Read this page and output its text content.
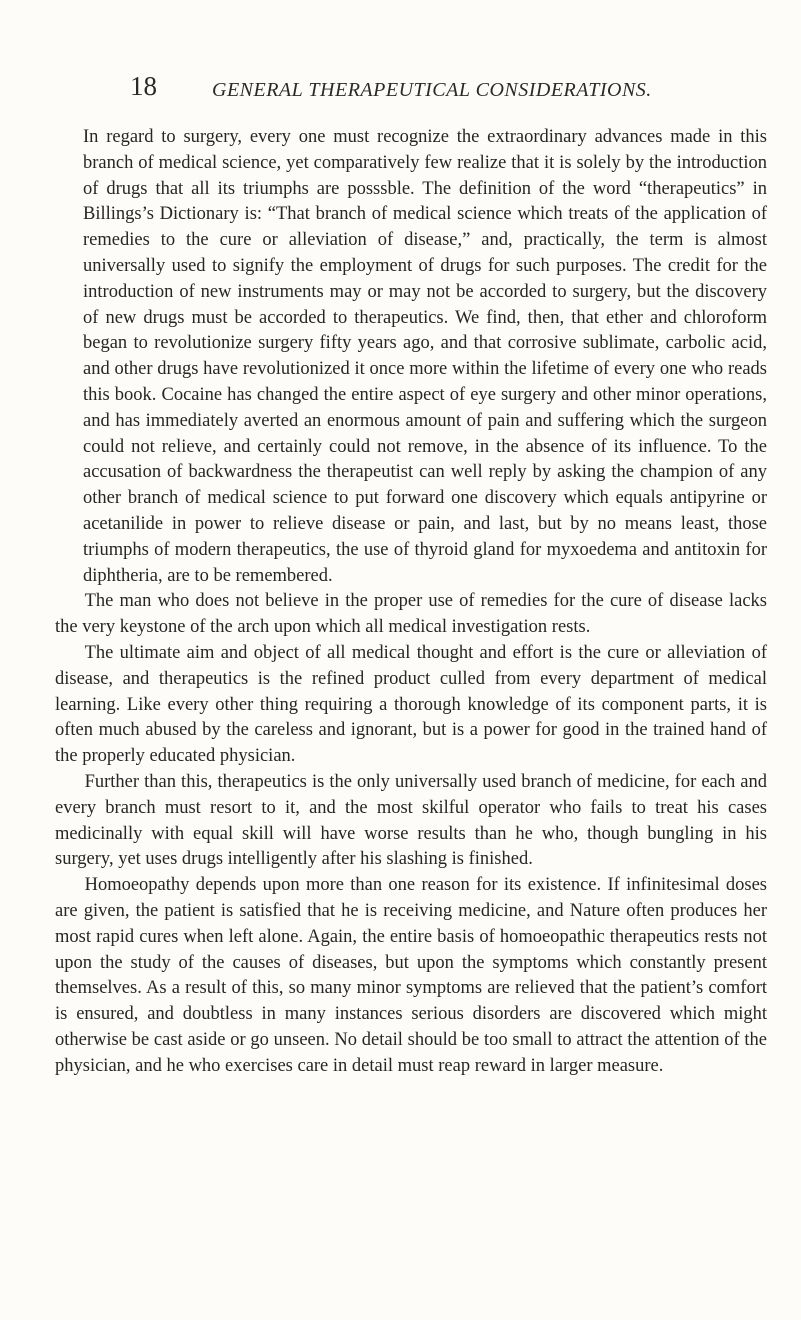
18	GENERAL THERAPEUTICAL CONSIDERATIONS.

In regard to surgery, every one must recognize the extraordinary advances made in this branch of medical science, yet comparatively few realize that it is solely by the introduction of drugs that all its triumphs are posssble. The definition of the word “therapeutics” in Billings’s Dictionary is: “That branch of medical science which treats of the application of remedies to the cure or alleviation of disease,” and, practically, the term is almost universally used to signify the employment of drugs for such purposes. The credit for the introduction of new instruments may or may not be accorded to surgery, but the discovery of new drugs must be accorded to therapeutics. We find, then, that ether and chloroform began to revolutionize surgery fifty years ago, and that corrosive sublimate, carbolic acid, and other drugs have revolutionized it once more within the lifetime of every one who reads this book. Cocaine has changed the entire aspect of eye surgery and other minor operations, and has immediately averted an enormous amount of pain and suffering which the surgeon could not relieve, and certainly could not remove, in the absence of its influence. To the accusation of backwardness the therapeutist can well reply by asking the champion of any other branch of medical science to put forward one discovery which equals antipyrine or acetanilide in power to relieve disease or pain, and last, but by no means least, those triumphs of modern therapeutics, the use of thyroid gland for myxoedema and antitoxin for diphtheria, are to be remembered.

The man who does not believe in the proper use of remedies for the cure of disease lacks the very keystone of the arch upon which all medical investigation rests.

The ultimate aim and object of all medical thought and effort is the cure or alleviation of disease, and therapeutics is the refined product culled from every department of medical learning. Like every other thing requiring a thorough knowledge of its component parts, it is often much abused by the careless and ignorant, but is a power for good in the trained hand of the properly educated physician.

Further than this, therapeutics is the only universally used branch of medicine, for each and every branch must resort to it, and the most skilful operator who fails to treat his cases medicinally with equal skill will have worse results than he who, though bungling in his surgery, yet uses drugs intelligently after his slashing is finished.

Homoeopathy depends upon more than one reason for its existence. If infinitesimal doses are given, the patient is satisfied that he is receiving medicine, and Nature often produces her most rapid cures when left alone. Again, the entire basis of homoeopathic therapeutics rests not upon the study of the causes of diseases, but upon the symptoms which constantly present themselves. As a result of this, so many minor symptoms are relieved that the patient’s comfort is ensured, and doubtless in many instances serious disorders are discovered which might otherwise be cast aside or go unseen. No detail should be too small to attract the attention of the physician, and he who exercises care in detail must reap reward in larger measure.
